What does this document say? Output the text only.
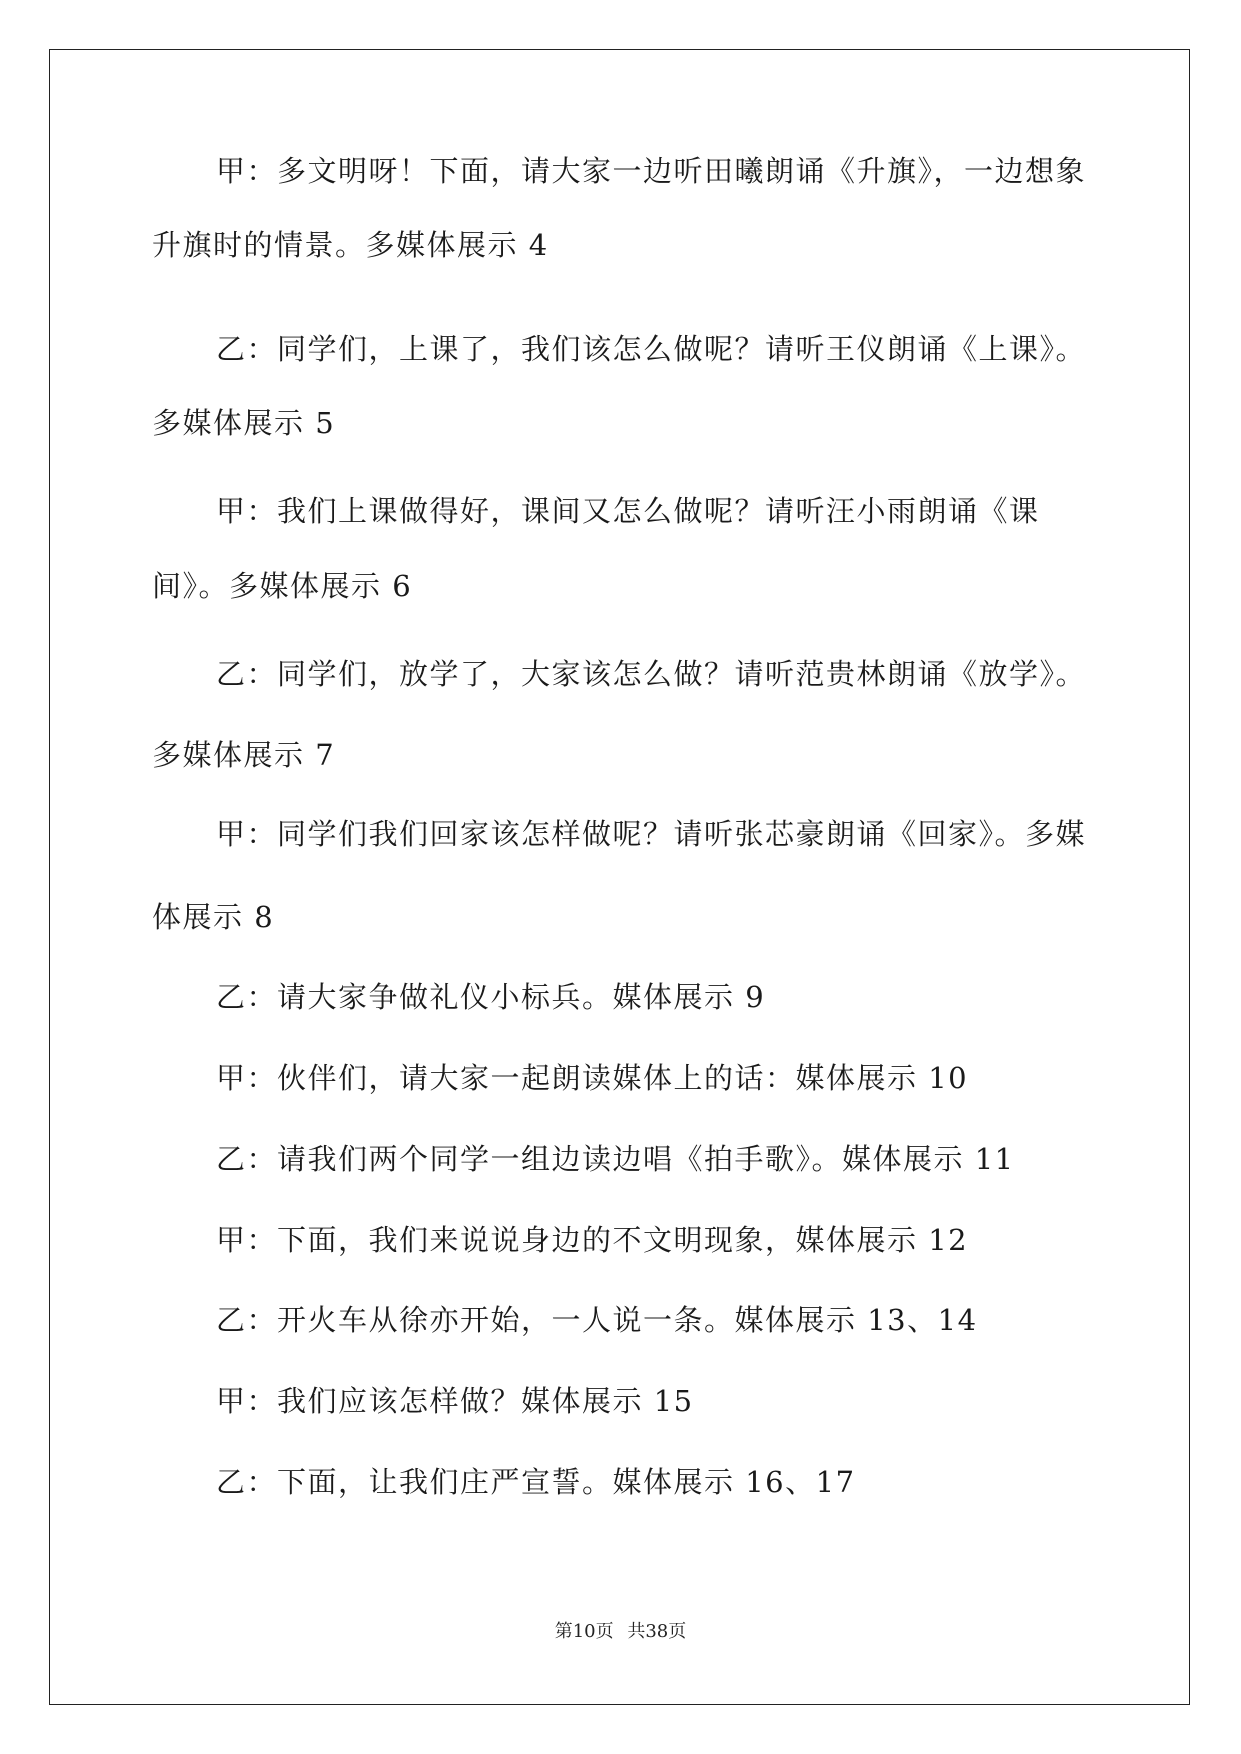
甲：多文明呀！下面，请大家一边听田曦朗诵《升旗》，一边想象
升旗时的情景。多媒体展示 4
乙：同学们，上课了，我们该怎么做呢？请听王仪朗诵《上课》。
多媒体展示 5
甲：我们上课做得好，课间又怎么做呢？请听汪小雨朗诵《课
间》。多媒体展示 6
乙：同学们，放学了，大家该怎么做？请听范贵林朗诵《放学》。
多媒体展示 7
甲：同学们我们回家该怎样做呢？请听张芯豪朗诵《回家》。多媒
体展示 8
乙：请大家争做礼仪小标兵。媒体展示 9
甲：伙伴们，请大家一起朗读媒体上的话：媒体展示 10
乙：请我们两个同学一组边读边唱《拍手歌》。媒体展示 11
甲：下面，我们来说说身边的不文明现象，媒体展示 12
乙：开火车从徐亦开始，一人说一条。媒体展示 13、14
甲：我们应该怎样做？媒体展示 15
乙：下面，让我们庄严宣誓。媒体展示 16、17
第10页 共38页
